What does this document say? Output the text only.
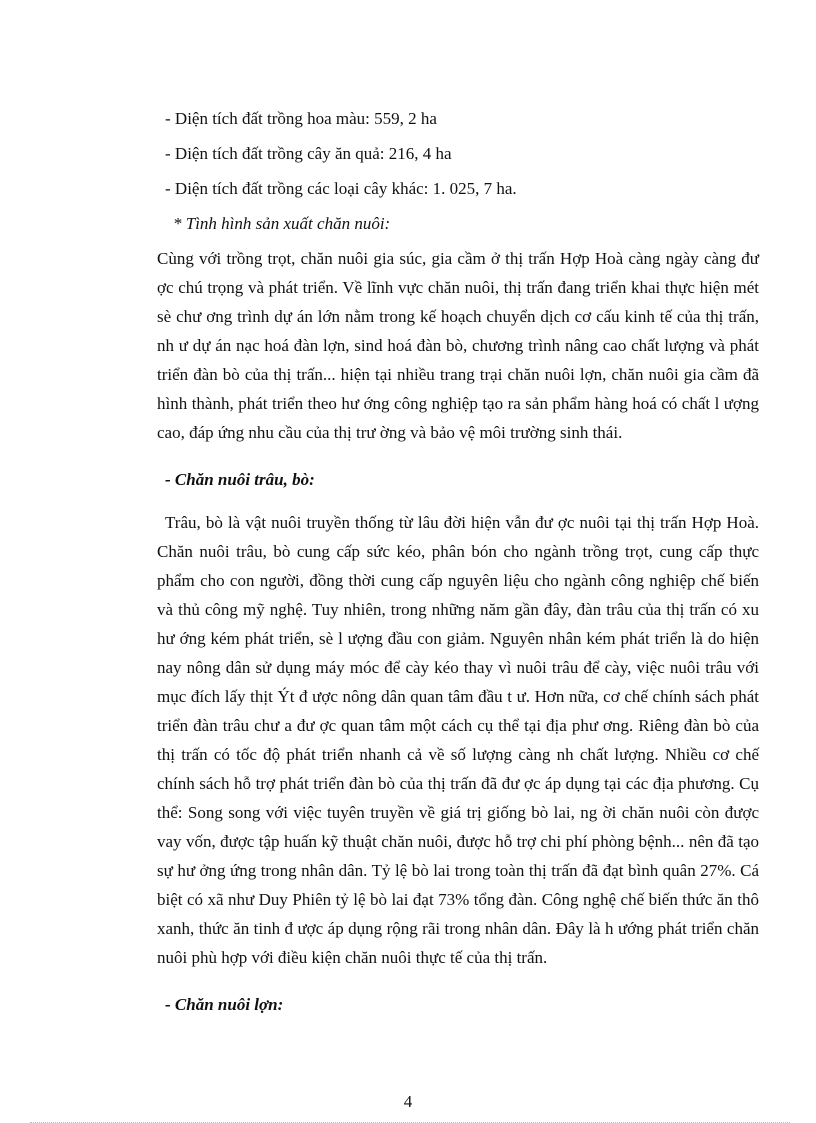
- Diện tích đất trồng hoa màu: 559, 2 ha
- Diện tích đất trồng cây ăn quả: 216, 4 ha
- Diện tích đất trồng các loại cây khác: 1. 025, 7 ha.
* Tình hình sản xuất chăn nuôi:

Cùng với trồng trọt, chăn nuôi gia súc, gia cầm ở thị trấn Hợp Hoà càng ngày càng đư ợc chú trọng và phát triển. Về lĩnh vực chăn nuôi, thị trấn đang triển khai thực hiện mét sè chư ơng trình dự án lớn nằm trong kế hoạch chuyển dịch cơ cấu kinh tế của thị trấn, nh ư dự án nạc hoá đàn lợn, sind hoá đàn bò, chương trình nâng cao chất lượng và phát triển đàn bò của thị trấn... hiện tại nhiều trang trại chăn nuôi lợn, chăn nuôi gia cầm đã hình thành, phát triển theo hư ớng công nghiệp tạo ra sản phẩm hàng hoá có chất l ượng cao, đáp ứng nhu cầu của thị trư ờng và bảo vệ môi trường sinh thái.

- Chăn nuôi trâu, bò:

Trâu, bò là vật nuôi truyền thống từ lâu đời hiện vẫn đư ợc nuôi tại thị trấn Hợp Hoà. Chăn nuôi trâu, bò cung cấp sức kéo, phân bón cho ngành trồng trọt, cung cấp thực phẩm cho con người, đồng thời cung cấp nguyên liệu cho ngành công nghiệp chế biến và thủ công mỹ nghệ. Tuy nhiên, trong những năm gần đây, đàn trâu của thị trấn có xu hư ớng kém phát triển, sè l ượng đầu con giảm. Nguyên nhân kém phát triển là do hiện nay nông dân sử dụng máy móc để cày kéo thay vì nuôi trâu để cày, việc nuôi trâu với mục đích lấy thịt Ýt đ ược nông dân quan tâm đầu t ư. Hơn nữa, cơ chế chính sách phát triển đàn trâu chư a đư ợc quan tâm một cách cụ thể tại địa phư ơng. Riêng đàn bò của thị trấn có tốc độ phát triển nhanh cả về số lượng càng nh chất lượng. Nhiều cơ chế chính sách hỗ trợ phát triển đàn bò của thị trấn đã đư ợc áp dụng tại các địa phương. Cụ thể: Song song với việc tuyên truyền về giá trị giống bò lai, ng ời chăn nuôi còn được vay vốn, được tập huấn kỹ thuật chăn nuôi, được hỗ trợ chi phí phòng bệnh... nên đã tạo sự hư ởng ứng trong nhân dân. Tỷ lệ bò lai trong toàn thị trấn đã đạt bình quân 27%. Cá biệt có xã như Duy Phiên tỷ lệ bò lai đạt 73% tổng đàn. Công nghệ chế biến thức ăn thô xanh, thức ăn tinh đ ược áp dụng rộng rãi trong nhân dân. Đây là h ướng phát triển chăn nuôi phù hợp với điều kiện chăn nuôi thực tế của thị trấn.

- Chăn nuôi lợn:
4
